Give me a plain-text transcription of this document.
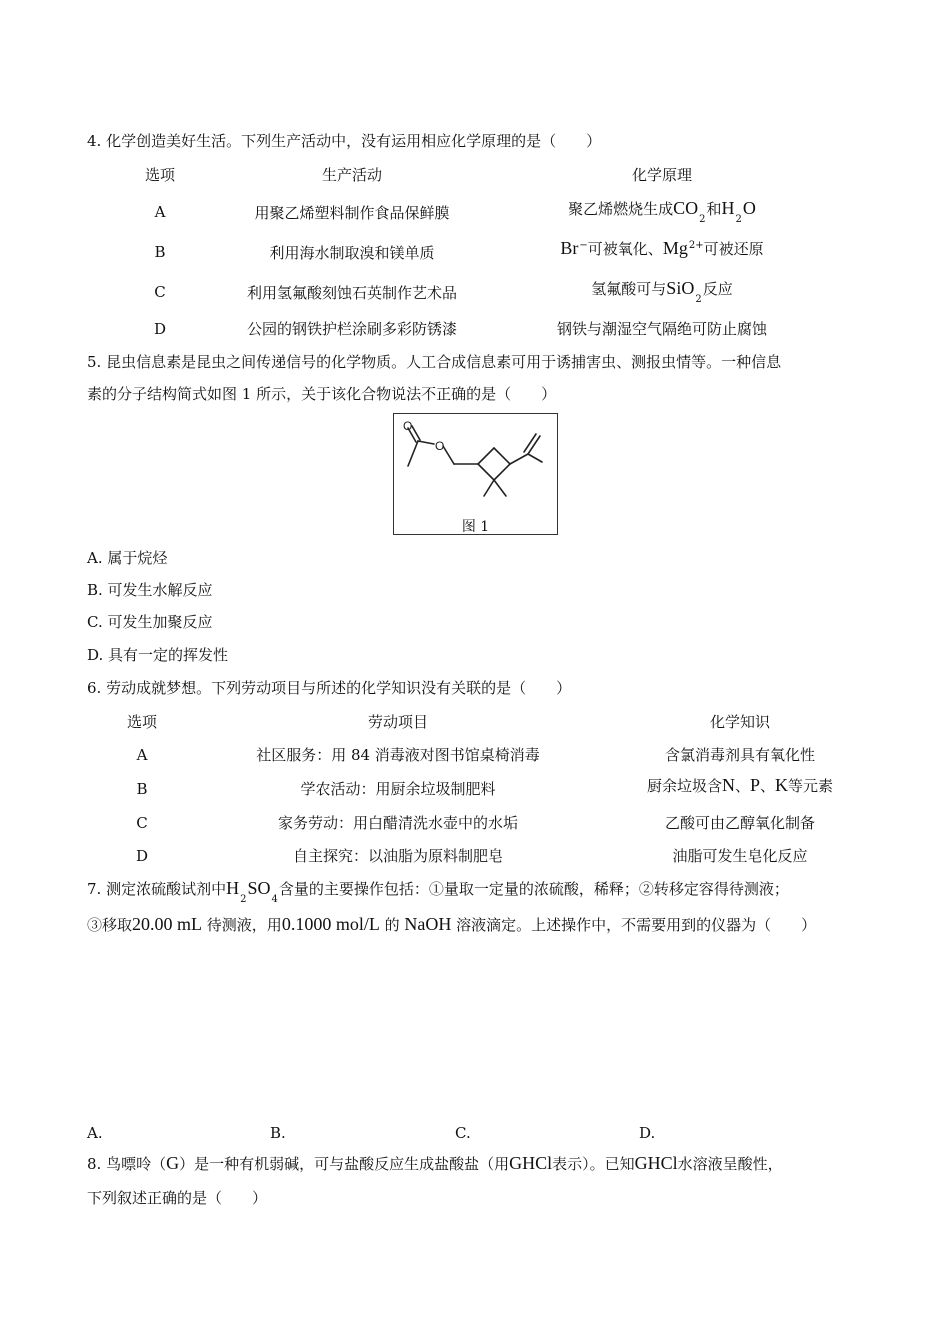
4. 化学创造美好生活。下列生产活动中，没有运用相应化学原理的是（　　）
选项	生产活动	化学原理
A	用聚乙烯塑料制作食品保鲜膜	聚乙烯燃烧生成$CO_2$和$H_2O$
B	利用海水制取溴和镁单质	Br−可被氧化、$Mg^{2+}$可被还原
C	利用氢氟酸刻蚀石英制作艺术品	氢氟酸可与SiO$_2$反应
D	公园的钢铁护栏涂刷多彩防锈漆	钢铁与潮湿空气隔绝可防止腐蚀
5. 昆虫信息素是昆虫之间传递信号的化学物质。人工合成信息素可用于诱捕害虫、测报虫情等。一种信息
素的分子结构简式如图 1 所示，关于该化合物说法不正确的是（　　）
O
O
图 1
A. 属于烷烃
B. 可发生水解反应
C. 可发生加聚反应
D. 具有一定的挥发性
6. 劳动成就梦想。下列劳动项目与所述的化学知识没有关联的是（　　）
选项	劳动项目	化学知识
A	社区服务：用 84 消毒液对图书馆桌椅消毒	含氯消毒剂具有氧化性
B	学农活动：用厨余垃圾制肥料	厨余垃圾含N、P、K等元素
C	家务劳动：用白醋清洗水壶中的水垢	乙酸可由乙醇氧化制备
D	自主探究：以油脂为原料制肥皂	油脂可发生皂化反应
7. 测定浓硫酸试剂中$H_2SO_4$含量的主要操作包括：①量取一定量的浓硫酸，稀释；②转移定容得待测液；
③移取20.00 mL 待测液，用0.1000 mol/L 的 NaOH 溶液滴定。上述操作中，不需要用到的仪器为（　　）
A.	B.	C.	D.
8. 鸟嘌呤（G）是一种有机弱碱，可与盐酸反应生成盐酸盐（用GHCl表示）。已知GHCl水溶液呈酸性，
下列叙述正确的是（　　）
